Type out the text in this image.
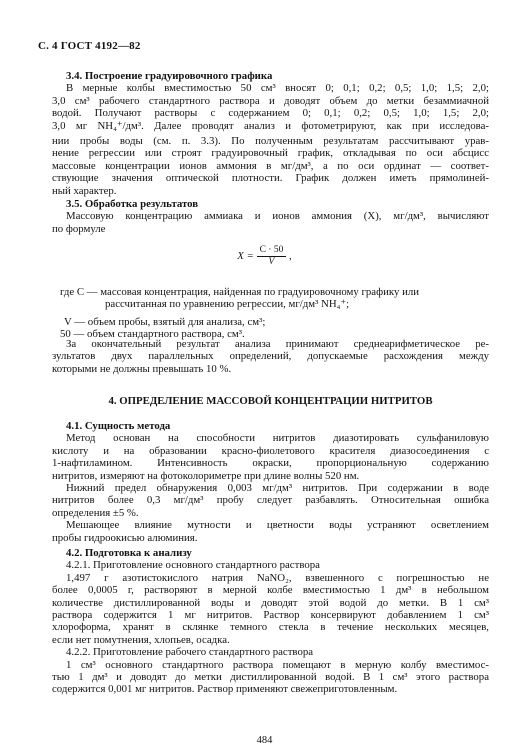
С. 4 ГОСТ 4192—82
3.4. Построение градуировочного графика
В мерные колбы вместимостью 50 см³ вносят 0; 0,1; 0,2; 0,5; 1,0; 1,5; 2,0;
3,0 см³ рабочего стандартного раствора и доводят объем до метки безаммиачной
водой. Получают растворы с содержанием 0; 0,1; 0,2; 0,5; 1,0; 1,5; 2,0;
3,0 мг NH₄⁺/дм³. Далее проводят анализ и фотометрируют, как при исследова-
нии пробы воды (см. п. 3.3). По полученным результатам рассчитывают урав-
нение регрессии или строят градуировочный график, откладывая по оси абсцисс
массовые концентрации ионов аммония в мг/дм³, а по оси ординат — соответ-
ствующие значения оптической плотности. График должен иметь прямолиней-
ный характер.
3.5. Обработка результатов
Массовую концентрацию аммиака и ионов аммония (X), мг/дм³, вычисляют
по формуле
$X = \frac{C \cdot 50}{V}$ ,
где C — массовая концентрация, найденная по градуировочному графику или
рассчитанная по уравнению регрессии, мг/дм³ NH₄⁺;
V — объем пробы, взятый для анализа, см³;
50 — объем стандартного раствора, см³.
За окончательный результат анализа принимают среднеарифметическое ре-
зультатов двух параллельных определений, допускаемые расхождения между
которыми не должны превышать 10 %.
4. ОПРЕДЕЛЕНИЕ МАССОВОЙ КОНЦЕНТРАЦИИ НИТРИТОВ
4.1. Сущность метода
Метод основан на способности нитритов диазотировать сульфаниловую
кислоту и на образовании красно-фиолетового красителя диазосоединения с
1-нафтиламином. Интенсивность окраски, пропорциональную содержанию
нитритов, измеряют на фотоколориметре при длине волны 520 нм.
Нижний предел обнаружения 0,003 мг/дм³ нитритов. При содержании в воде
нитритов более 0,3 мг/дм³ пробу следует разбавлять. Относительная ошибка
определения ±5 %.
Мешающее влияние мутности и цветности воды устраняют осветлением
пробы гидроокисью алюминия.
4.2. Подготовка к анализу
4.2.1. Приготовление основного стандартного раствора
1,497 г азотистокислого натрия NaNO₂, взвешенного с погрешностью не
более 0,0005 г, растворяют в мерной колбе вместимостью 1 дм³ в небольшом
количестве дистиллированной воды и доводят этой водой до метки. В 1 см³
раствора содержится 1 мг нитритов. Раствор консервируют добавлением 1 см³
хлороформа, хранят в склянке темного стекла в течение нескольких месяцев,
если нет помутнения, хлопьев, осадка.
4.2.2. Приготовление рабочего стандартного раствора
1 см³ основного стандартного раствора помещают в мерную колбу вместимос-
тью 1 дм³ и доводят до метки дистиллированной водой. В 1 см³ этого раствора
содержится 0,001 мг нитритов. Раствор применяют свежеприготовленным.
484
